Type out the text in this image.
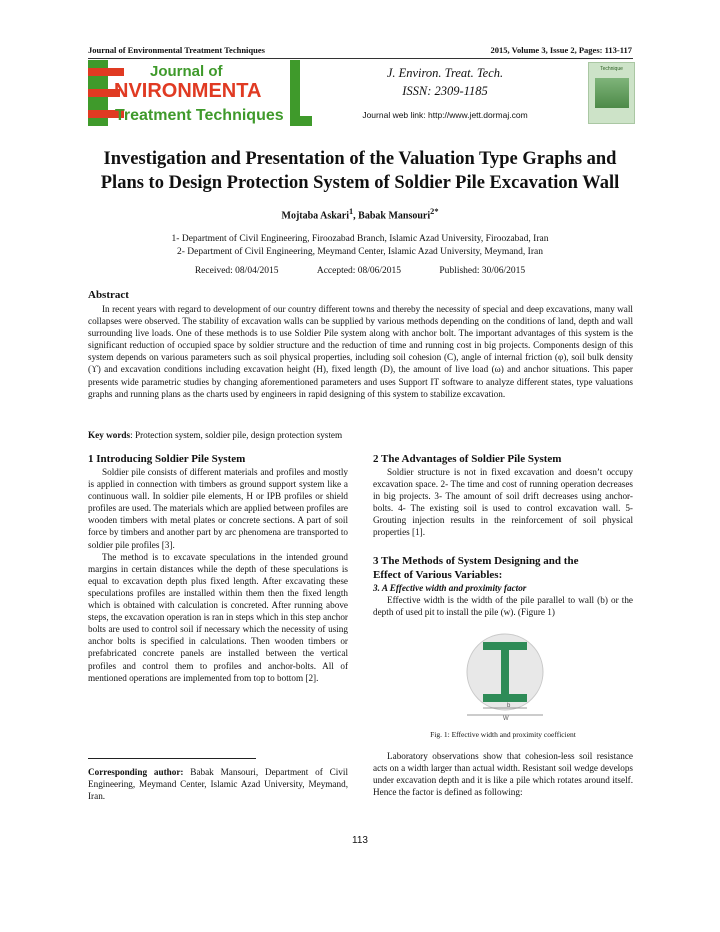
Journal of Environmental Treatment Techniques	2015, Volume 3, Issue 2, Pages: 113-117
Journal of
NVIRONMENTA
Treatment Techniques
J. Environ. Treat. Tech.
ISSN: 2309-1185
Journal web link: http://www.jett.dormaj.com
Technique
Investigation and Presentation of the Valuation Type Graphs and
Plans to Design Protection System of Soldier Pile Excavation Wall
Mojtaba Askari$^1$, Babak Mansouri$^{2*}$
1- Department of Civil Engineering, Firoozabad Branch, Islamic Azad University, Firoozabad, Iran
2- Department of Civil Engineering, Meymand Center, Islamic Azad University, Meymand, Iran
Received: 08/04/2015	Accepted: 08/06/2015	Published: 30/06/2015
Abstract

In recent years with regard to development of our country different towns and thereby the necessity of special and deep excavations, many wall collapses were observed. The stability of excavation walls can be supplied by various methods depending on the conditions of land, depth and wall surrounding live loads. One of these methods is to use Soldier Pile system along with anchor bolt. The important advantages of this system is the significant reduction of occupied space by soldier structure and the reduction of time and running cost in big projects. Components design of this system depends on various parameters such as soil physical properties, including soil cohesion (C), angle of internal friction (φ), soil bulk density (ϒ) and excavation conditions including excavation height (H), fixed length (D), the amount of live load (ω) and anchor situations. This paper presents wide parametric studies by changing aforementioned parameters and uses Support IT software to analyze different states, type valuations graphs and running plans as the charts used by engineers in rapid designing of this system to stabilize excavation.

Key words: Protection system, soldier pile, design protection system
1 Introducing Soldier Pile System

Soldier pile consists of different materials and profiles and mostly is applied in connection with timbers as ground support system like a continuous wall. In soldier pile elements, H or IPB profiles or shield profiles are used. The materials which are applied between profiles are wooden timbers with metal plates or concrete sections. A part of soil force by timbers and another part by arc phenomena are transported to soldier pile profiles [3].

The method is to excavate speculations in the intended ground margins in certain distances while the depth of these speculations is equal to excavation depth plus fixed length. After excavating these speculations profiles are installed within them then the fixed length which is obtained with calculation is concreted. After running above steps, the excavation operation is ran in steps which in this step anchor bolts are used to control soil if necessary which the necessity of using anchor bolts is specified in calculations. Then wooden timbers or prefabricated concrete panels are installed between the vertical profiles and control them to profiles and anchor-bolts. All of mentioned operations are implemented from top to bottom [2].

Corresponding author: Babak Mansouri, Department of Civil Engineering, Meymand Center, Islamic Azad University, Meymand, Iran.
2 The Advantages of Soldier Pile System

Soldier structure is not in fixed excavation and doesn’t occupy excavation space. 2- The time and cost of running operation decreases in big projects. 3- The amount of soil drift decreases using anchor-bolts. 4- The existing soil is used to control excavation wall. 5- Grouting injection results in the reinforcement of soil physical properties [1].

3 The Methods of System Designing and the
Effect of Various Variables:
3. A Effective width and proximity factor

Effective width is the width of the pile parallel to wall (b) or the depth of used pit to install the pile (w). (Figure 1)

b
W
Fig. 1: Effective width and proximity coefficient

Laboratory observations show that cohesion-less soil resistance acts on a width larger than actual width. Resistant soil wedge develops under excavation depth and it is like a pile which rotates around itself. Hence the factor is defined as following:

113
